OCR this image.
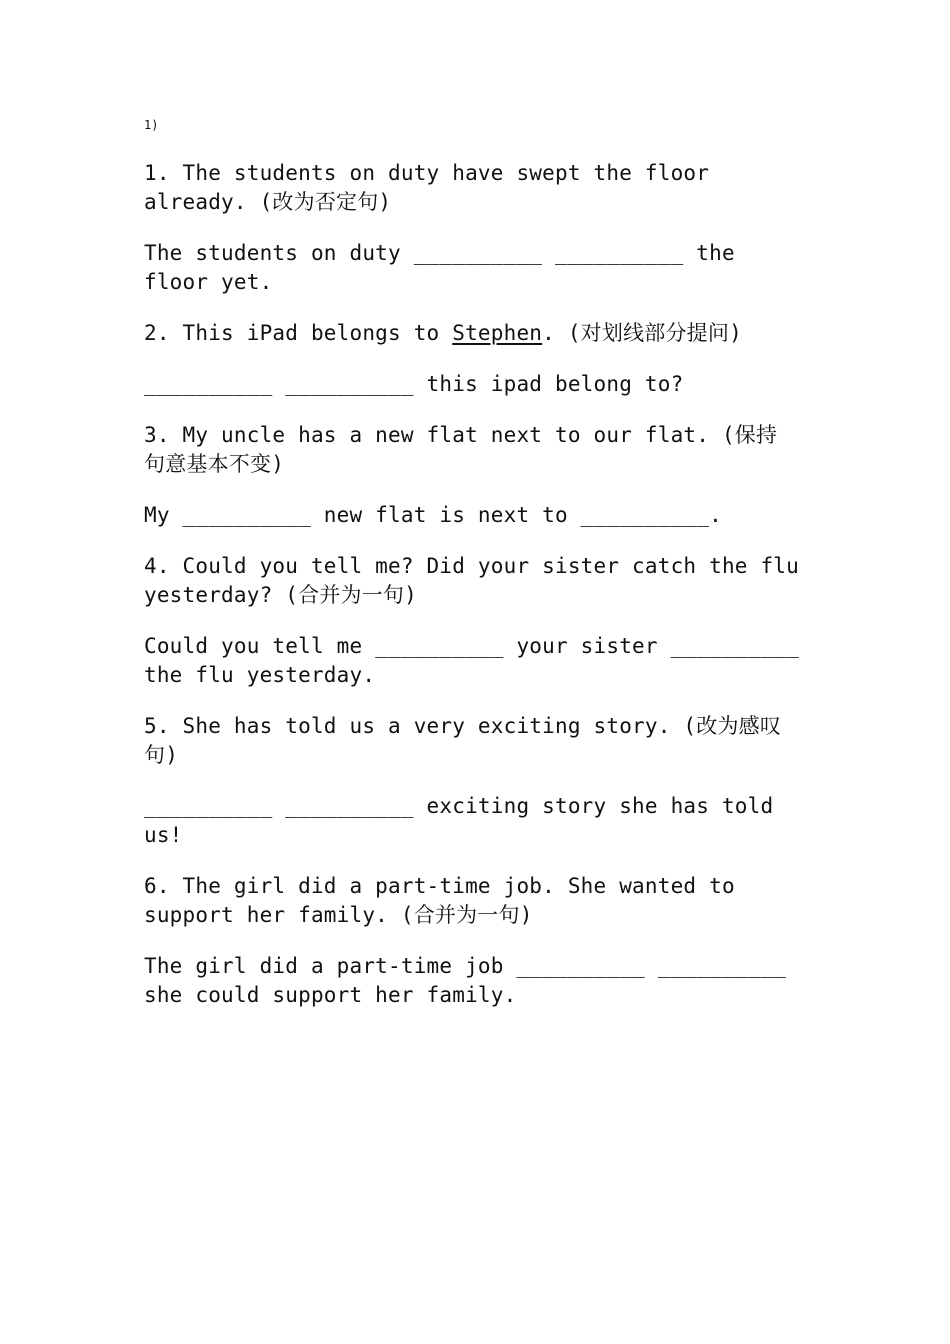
1)

1. The students on duty have swept the floor
already. (改为否定句)

The students on duty __________ __________ the
floor yet.

2. This iPad belongs to Stephen. (对划线部分提问)

__________ __________ this ipad belong to?

3. My uncle has a new flat next to our flat. (保持
句意基本不变)

My __________ new flat is next to __________.

4. Could you tell me? Did your sister catch the flu
yesterday? (合并为一句)

Could you tell me __________ your sister __________
the flu yesterday.

5. She has told us a very exciting story. (改为感叹
句)

__________ __________ exciting story she has told
us!

6. The girl did a part-time job. She wanted to
support her family. (合并为一句)

The girl did a part-time job __________ __________
she could support her family.
